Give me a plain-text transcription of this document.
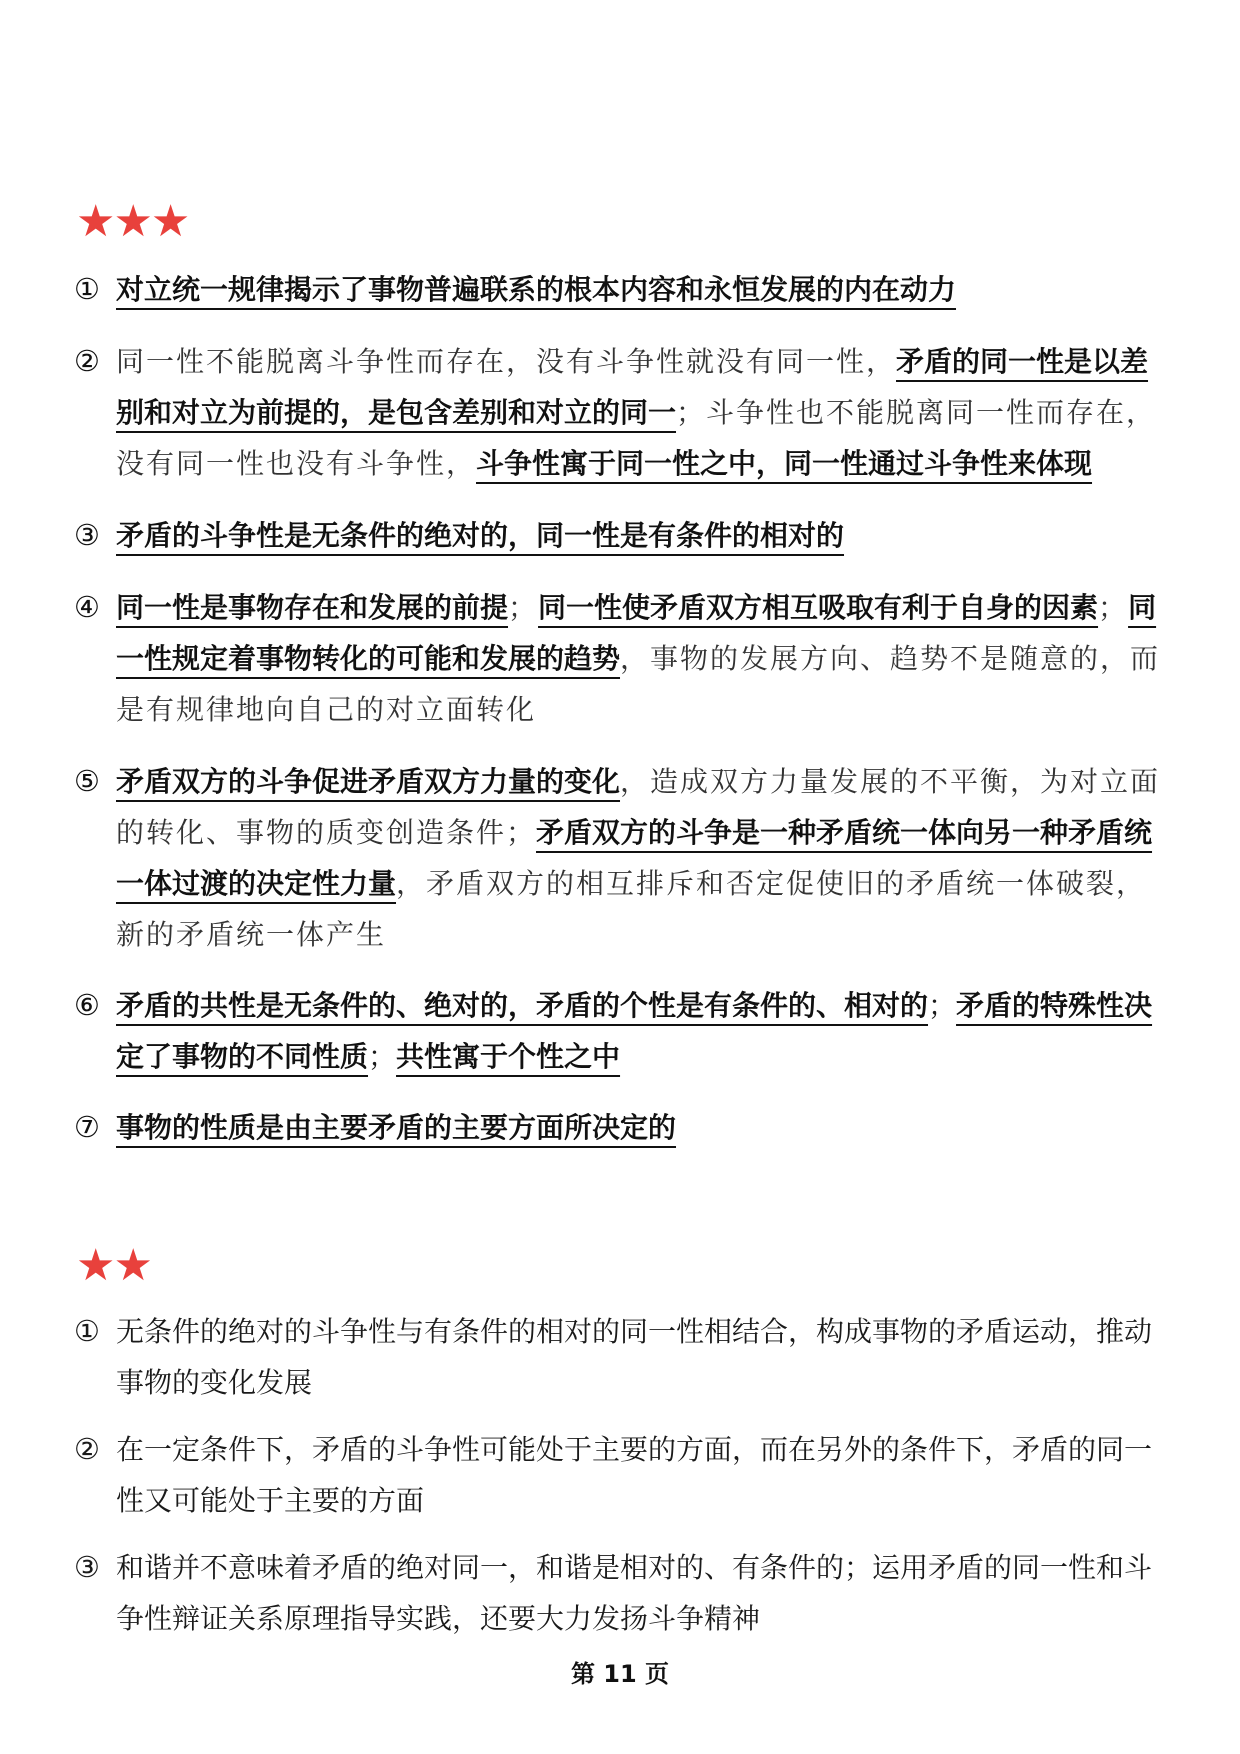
★★★
① 对立统一规律揭示了事物普遍联系的根本内容和永恒发展的内在动力
② 同一性不能脱离斗争性而存在，没有斗争性就没有同一性，矛盾的同一性是以差别和对立为前提的，是包含差别和对立的同一；斗争性也不能脱离同一性而存在，没有同一性也没有斗争性，斗争性寓于同一性之中，同一性通过斗争性来体现
③ 矛盾的斗争性是无条件的绝对的，同一性是有条件的相对的
④ 同一性是事物存在和发展的前提；同一性使矛盾双方相互吸取有利于自身的因素；同一性规定着事物转化的可能和发展的趋势，事物的发展方向、趋势不是随意的，而是有规律地向自己的对立面转化
⑤ 矛盾双方的斗争促进矛盾双方力量的变化，造成双方力量发展的不平衡，为对立面的转化、事物的质变创造条件；矛盾双方的斗争是一种矛盾统一体向另一种矛盾统一体过渡的决定性力量，矛盾双方的相互排斥和否定促使旧的矛盾统一体破裂，新的矛盾统一体产生
⑥ 矛盾的共性是无条件的、绝对的，矛盾的个性是有条件的、相对的；矛盾的特殊性决定了事物的不同性质；共性寓于个性之中
⑦ 事物的性质是由主要矛盾的主要方面所决定的
★★
① 无条件的绝对的斗争性与有条件的相对的同一性相结合，构成事物的矛盾运动，推动事物的变化发展
② 在一定条件下，矛盾的斗争性可能处于主要的方面，而在另外的条件下，矛盾的同一性又可能处于主要的方面
③ 和谐并不意味着矛盾的绝对同一，和谐是相对的、有条件的；运用矛盾的同一性和斗争性辩证关系原理指导实践，还要大力发扬斗争精神
第 11 页
